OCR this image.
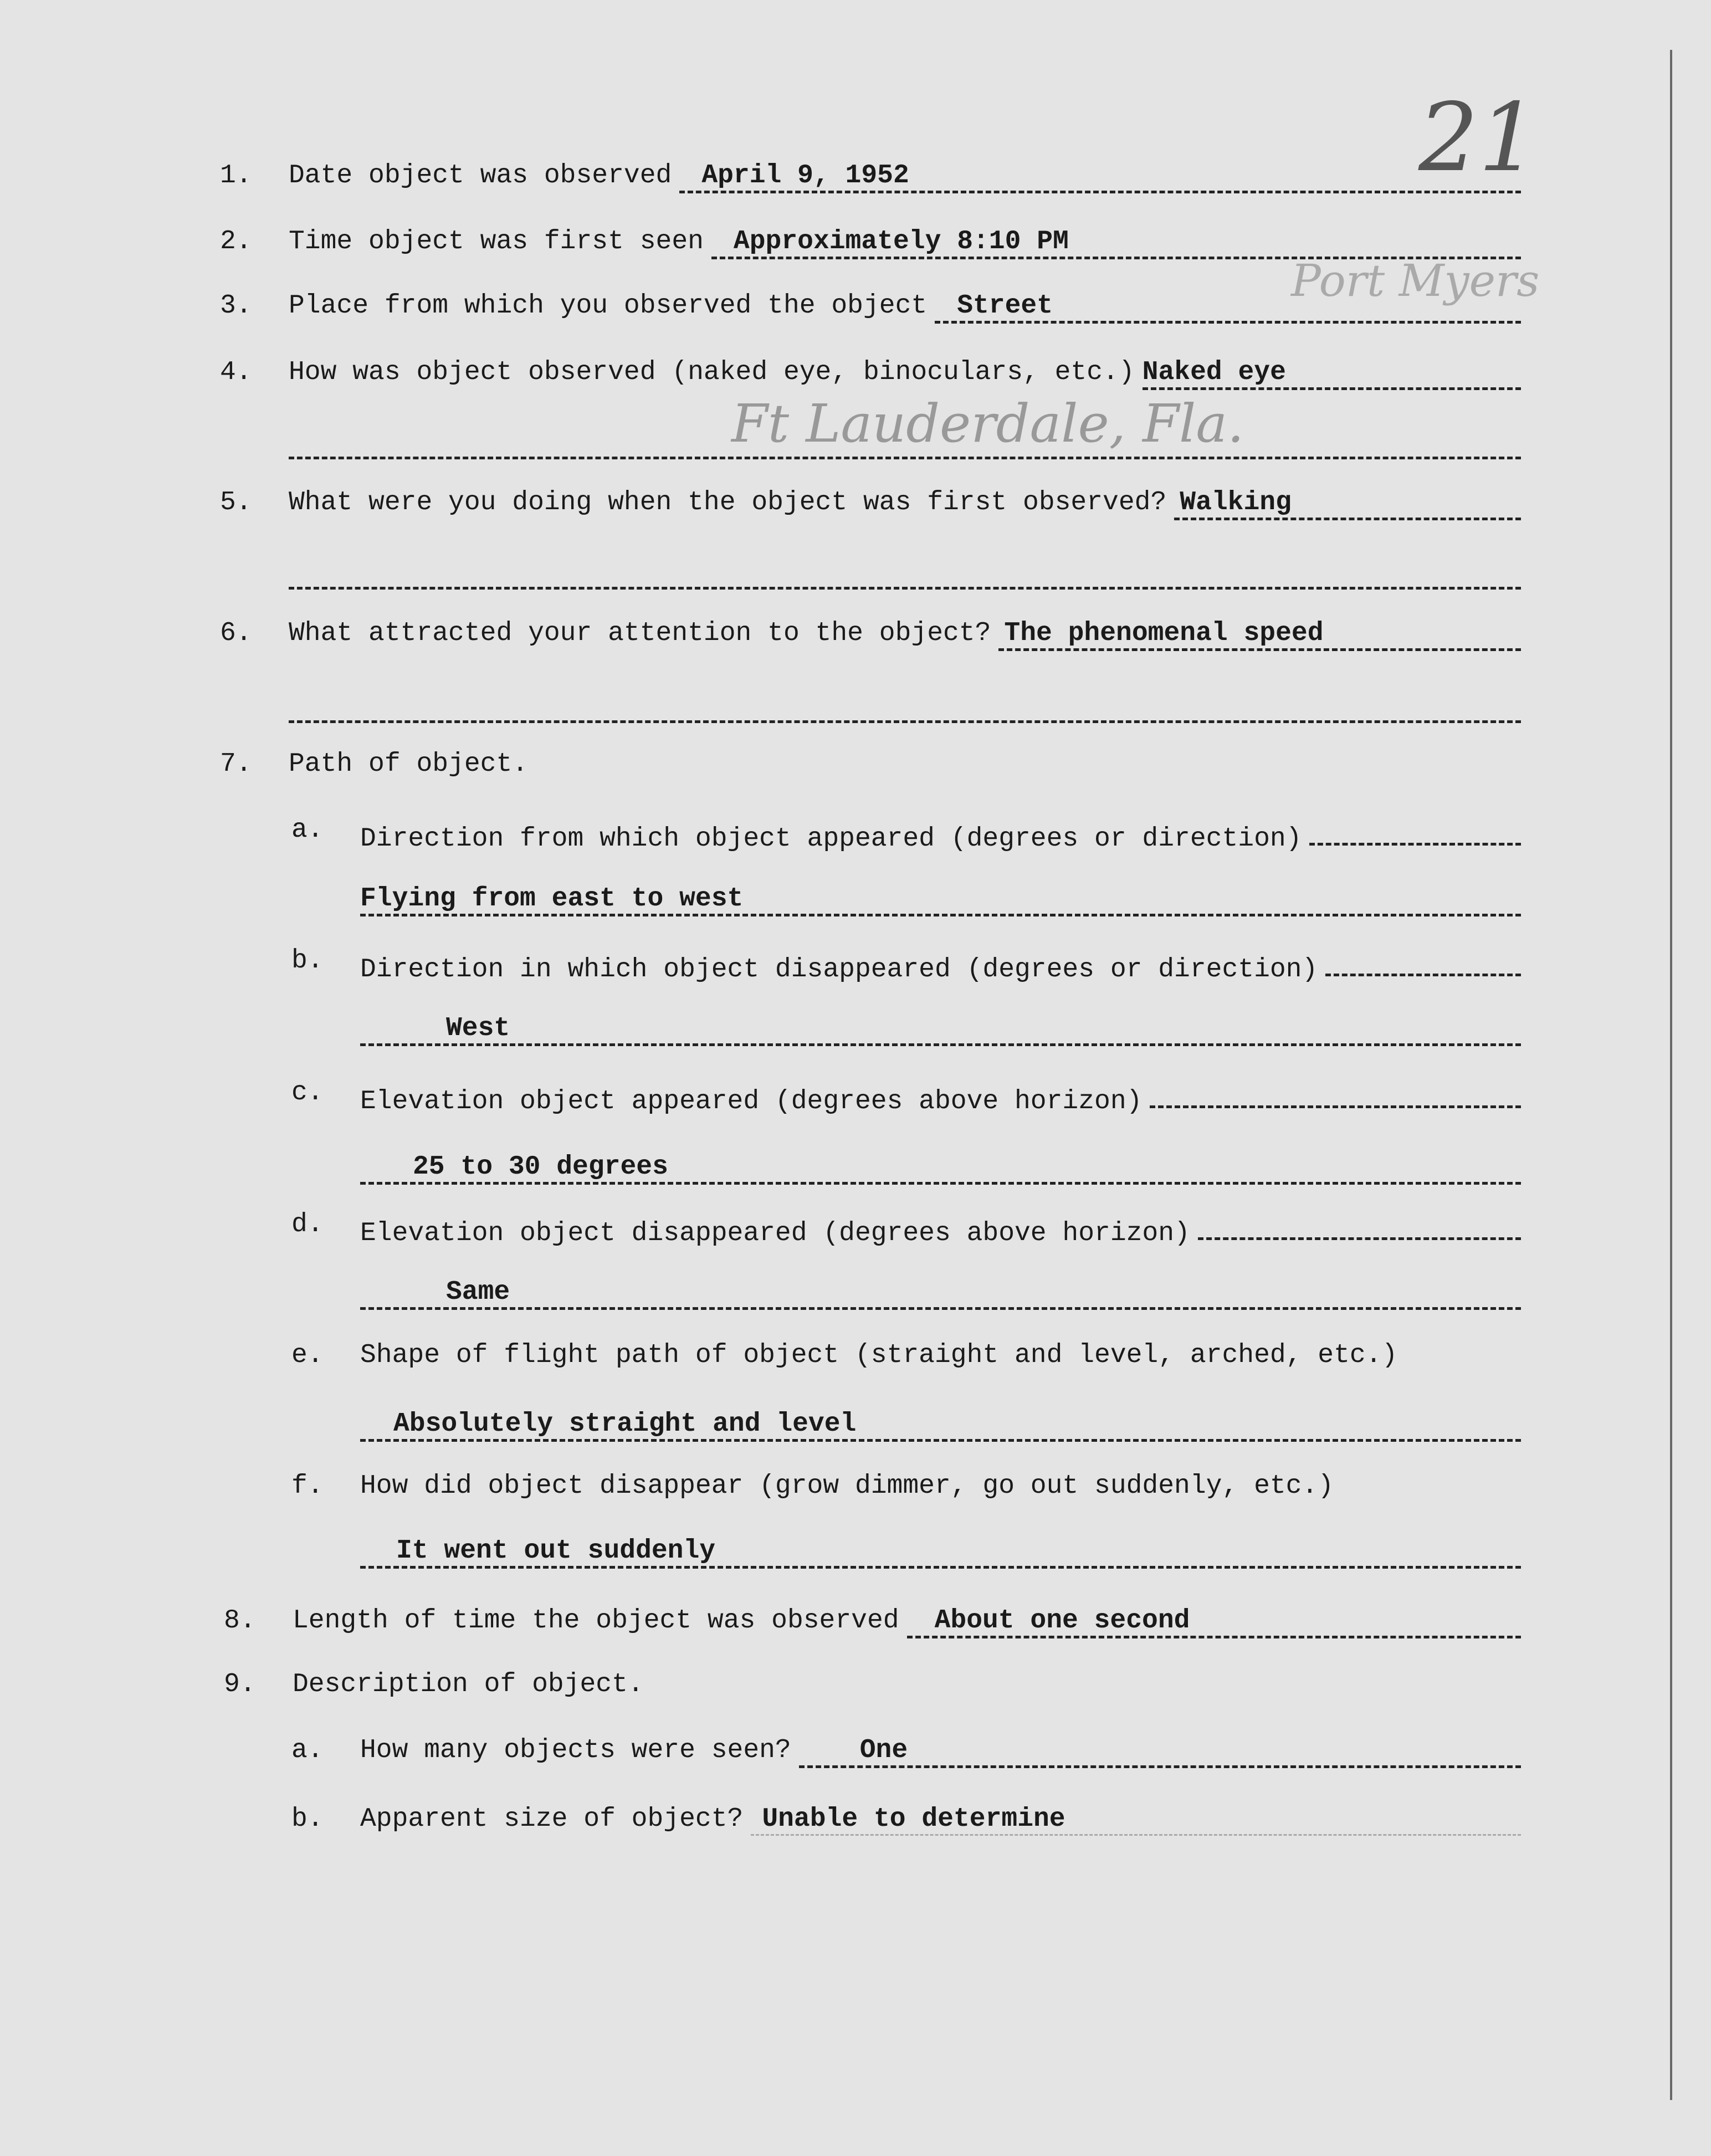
21
Port Myers
Ft Lauderdale, Fla.
1. Date object was observed	April 9, 1952
2. Time object was first seen	Approximately 8:10 PM
3. Place from which you observed the object	Street
4. How was object observed (naked eye, binoculars, etc.) Naked eye
5. What were you doing when the object was first observed? Walking
6. What attracted your attention to the object? The phenomenal speed
7. Path of object.
a. Direction from which object appeared (degrees or direction)
Flying from east to west
b. Direction in which object disappeared (degrees or direction)
West
c. Elevation object appeared (degrees above horizon)
25 to 30 degrees
d. Elevation object disappeared (degrees above horizon)
Same
e. Shape of flight path of object (straight and level, arched, etc.)
Absolutely straight and level
f. How did object disappear (grow dimmer, go out suddenly, etc.)
It went out suddenly
8. Length of time the object was observed	About one second
9. Description of object.
a. How many objects were seen?	One
b. Apparent size of object? Unable to determine
